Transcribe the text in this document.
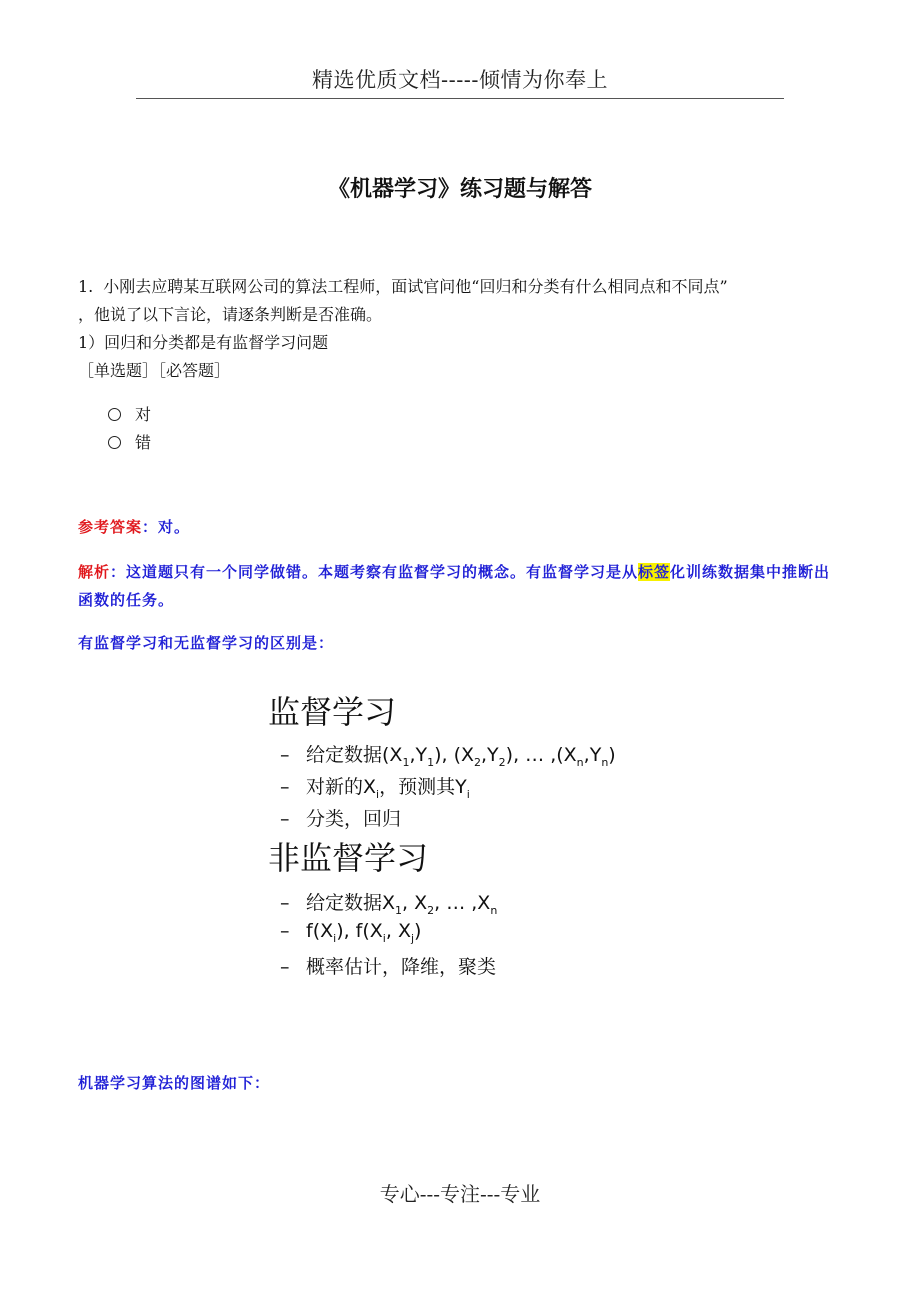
精选优质文档-----倾情为你奉上
《机器学习》练习题与解答
1. 小刚去应聘某互联网公司的算法工程师，面试官问他“回归和分类有什么相同点和不同点”
，他说了以下言论，请逐条判断是否准确。
1）回归和分类都是有监督学习问题
［单选题］［必答题］
对
错
参考答案：对。
解析：这道题只有一个同学做错。本题考察有监督学习的概念。有监督学习是从标签化训练数据集中推断出函数的任务。
有监督学习和无监督学习的区别是：
监督学习
– 给定数据$(X_1,Y_1)$, $(X_2,Y_2)$, … $,(X_n,Y_n)$
– 对新的$X_i$，预测其$Y_i$
– 分类，回归
非监督学习
– 给定数据$X_1$, $X_2$, … $,X_n$
– $f(X_i)$, $f(X_i$, $X_j$)
– 概率估计，降维，聚类
机器学习算法的图谱如下：
专心---专注---专业
